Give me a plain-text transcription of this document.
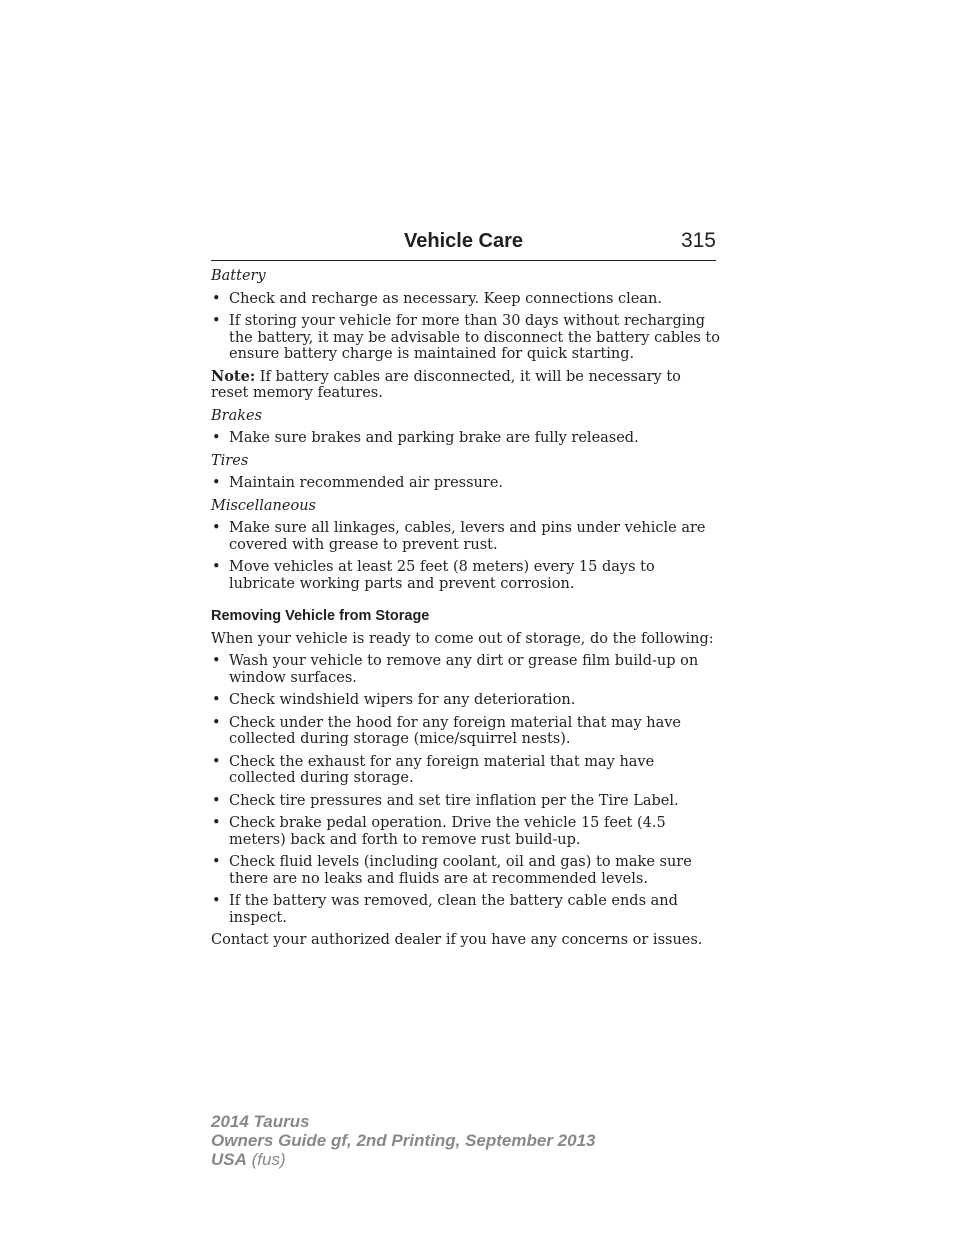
Vehicle Care	315
Battery
• Check and recharge as necessary. Keep connections clean.
• If storing your vehicle for more than 30 days without recharging the battery, it may be advisable to disconnect the battery cables to ensure battery charge is maintained for quick starting.

Note: If battery cables are disconnected, it will be necessary to reset memory features.

Brakes
• Make sure brakes and parking brake are fully released.
Tires
• Maintain recommended air pressure.
Miscellaneous
• Make sure all linkages, cables, levers and pins under vehicle are covered with grease to prevent rust.
• Move vehicles at least 25 feet (8 meters) every 15 days to lubricate working parts and prevent corrosion.
Removing Vehicle from Storage

When your vehicle is ready to come out of storage, do the following:

• Wash your vehicle to remove any dirt or grease film build-up on window surfaces.
• Check windshield wipers for any deterioration.
• Check under the hood for any foreign material that may have collected during storage (mice/squirrel nests).
• Check the exhaust for any foreign material that may have collected during storage.
• Check tire pressures and set tire inflation per the Tire Label.
• Check brake pedal operation. Drive the vehicle 15 feet (4.5 meters) back and forth to remove rust build-up.
• Check fluid levels (including coolant, oil and gas) to make sure there are no leaks and fluids are at recommended levels.
• If the battery was removed, clean the battery cable ends and inspect.

Contact your authorized dealer if you have any concerns or issues.

2014 Taurus
Owners Guide gf, 2nd Printing, September 2013
USA (fus)
